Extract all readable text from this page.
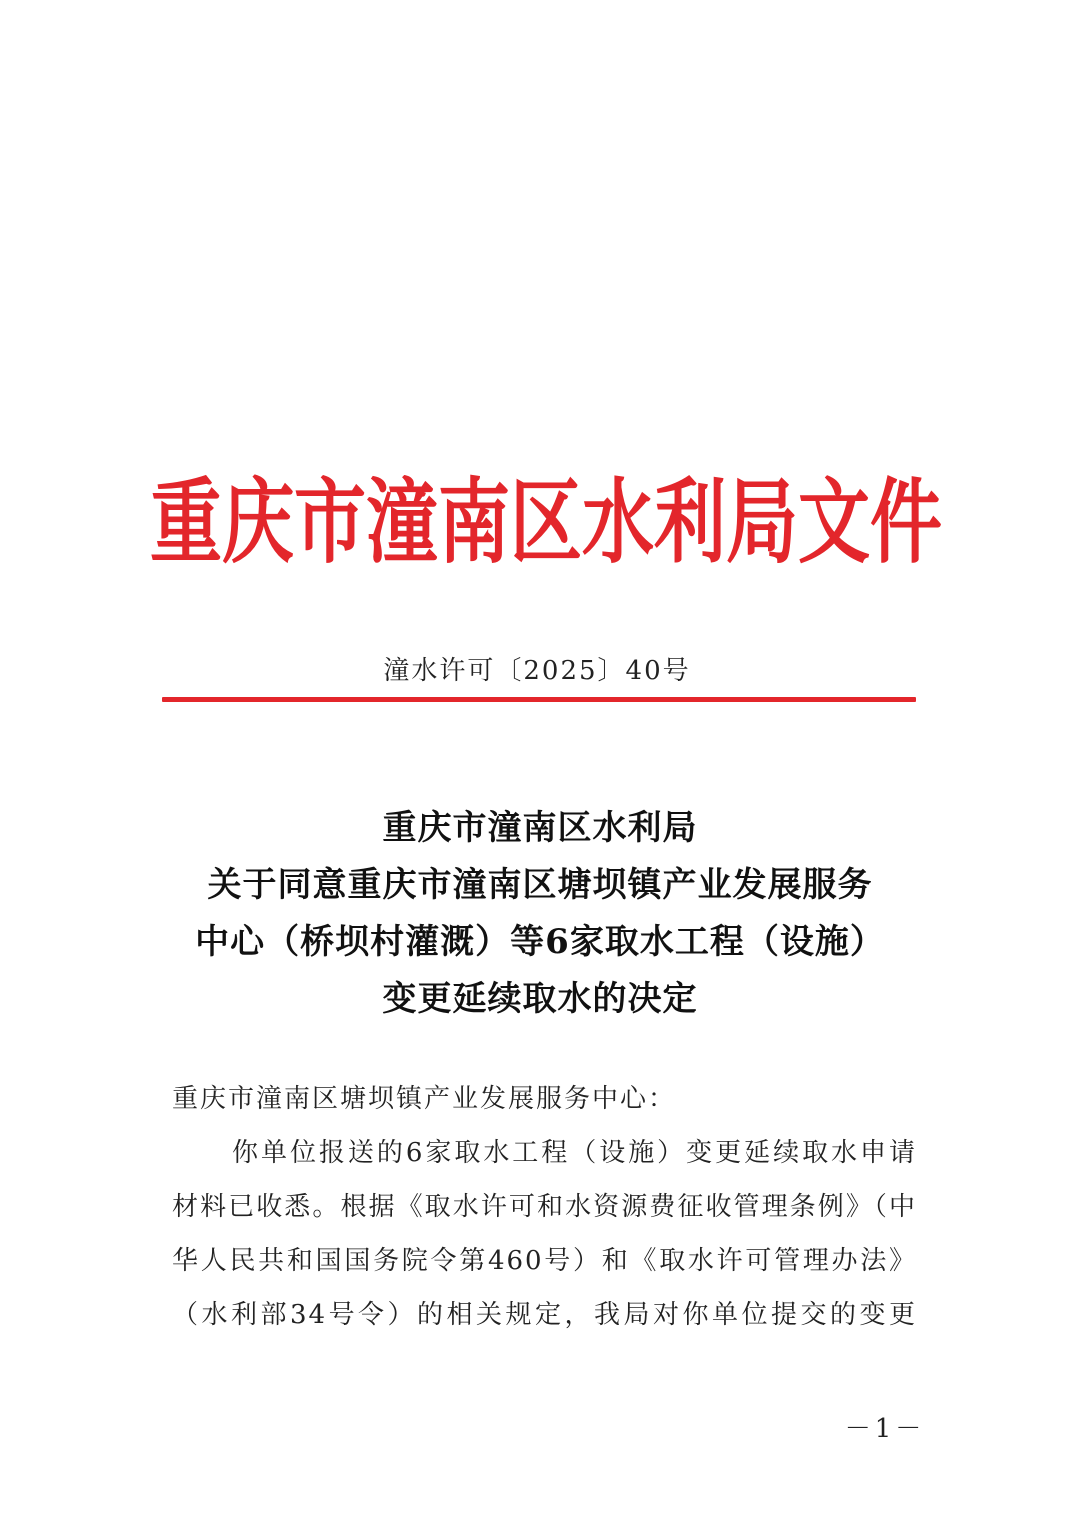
重庆市潼南区水利局文件
潼水许可〔2025〕40号
重庆市潼南区水利局
关于同意重庆市潼南区塘坝镇产业发展服务
中心（桥坝村灌溉）等6家取水工程（设施）
变更延续取水的决定
重庆市潼南区塘坝镇产业发展服务中心：
你单位报送的6家取水工程（设施）变更延续取水申请
材料已收悉。根据《取水许可和水资源费征收管理条例》（中
华人民共和国国务院令第460号）和《取水许可管理办法》
（水利部34号令）的相关规定，我局对你单位提交的变更
－1－
